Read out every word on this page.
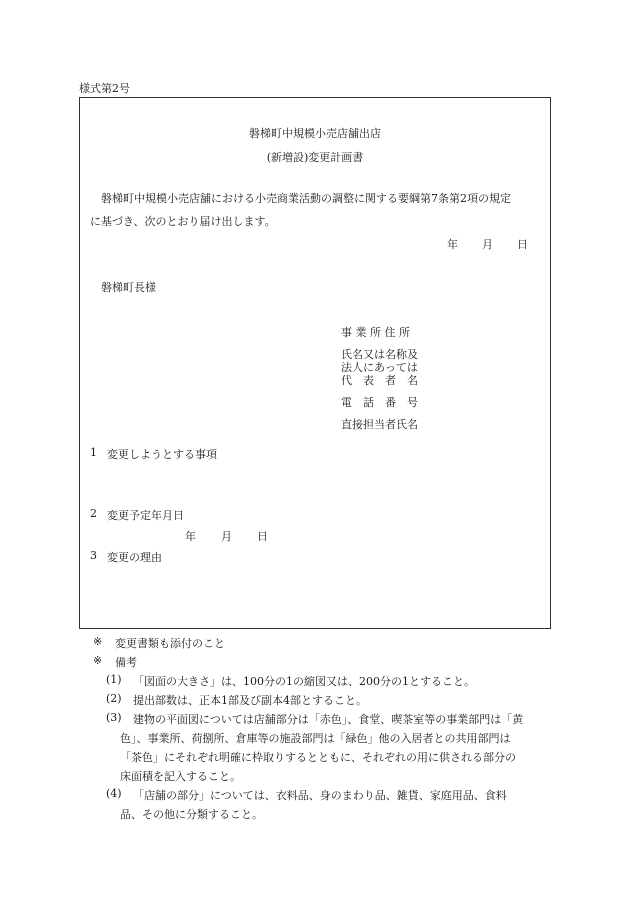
様式第2号
磐梯町中規模小売店舗出店
(新増設)変更計画書
磐梯町中規模小売店舗における小売商業活動の調整に関する要綱第7条第2項の規定
に基づき、次のとおり届け出します。
年 月 日
磐梯町長様
事 業 所 住 所
氏名又は名称及
法人にあっては
代　表　者　名
電　話　番　号
直接担当者氏名
1 変更しようとする事項
2 変更予定年月日
年 月 日
3 変更の理由
※ 変更書類も添付のこと
※ 備考
(1) 「図面の大きさ」は、100分の1の縮図又は、200分の1とすること。
(2) 提出部数は、正本1部及び副本4部とすること。
(3) 建物の平面図については店舗部分は「赤色」、食堂、喫茶室等の事業部門は「黄
色」、事業所、荷捌所、倉庫等の施設部門は「緑色」他の入居者との共用部門は
「茶色」にそれぞれ明確に枠取りするとともに、それぞれの用に供される部分の
床面積を記入すること。
(4) 「店舗の部分」については、衣料品、身のまわり品、雑貨、家庭用品、食料
品、その他に分類すること。
